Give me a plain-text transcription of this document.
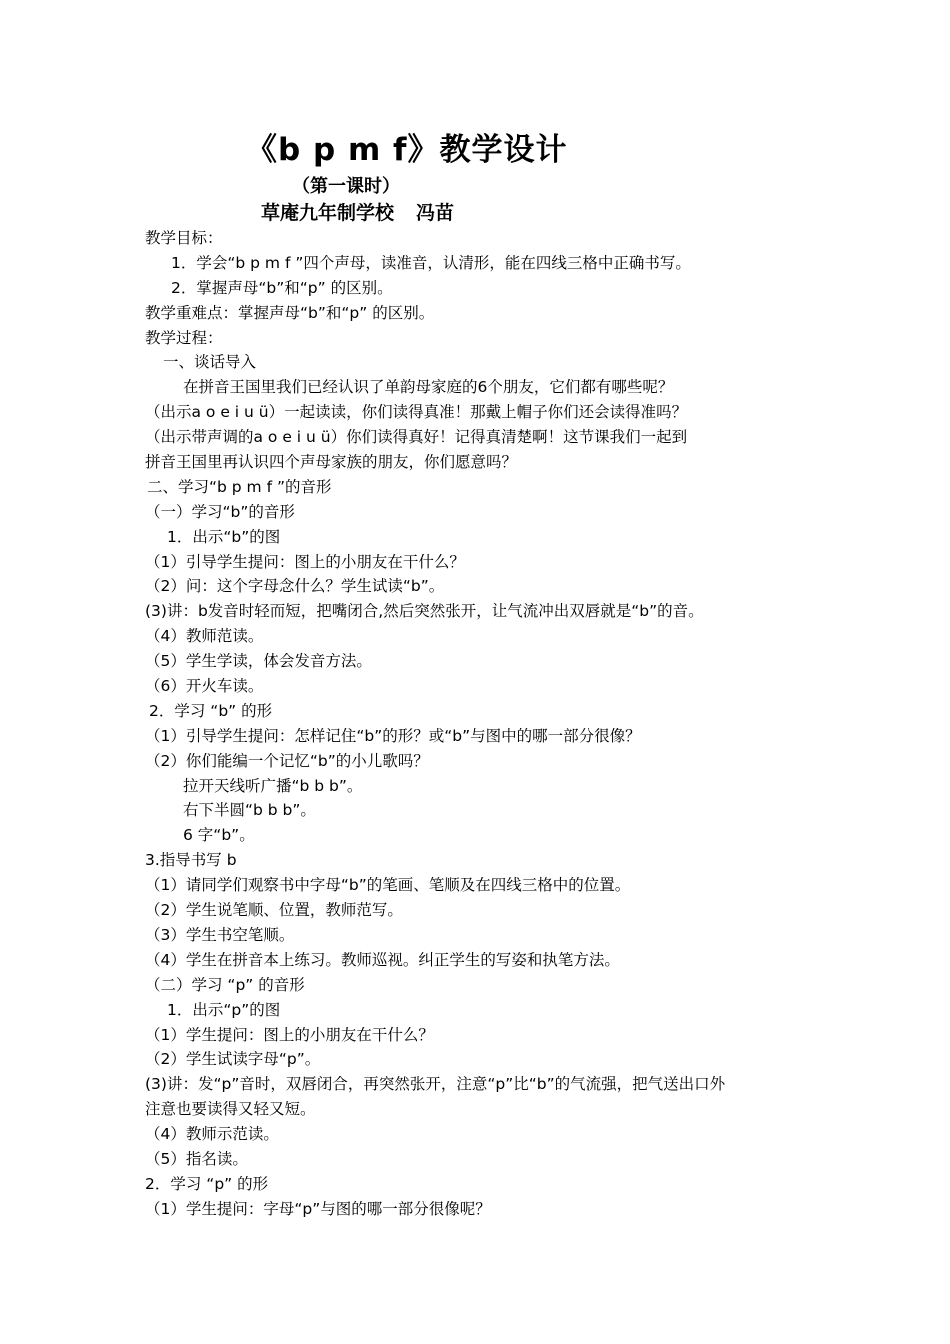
《b p m f》教学设计
（第一课时）
草庵九年制学校 冯苗
教学目标：
1．学会“b p m f ”四个声母，读准音，认清形，能在四线三格中正确书写。
2．掌握声母“b”和“p” 的区别。
教学重难点：掌握声母“b”和“p” 的区别。
教学过程：
一、谈话导入
在拼音王国里我们已经认识了单韵母家庭的6个朋友，它们都有哪些呢？
（出示a o e i u ü）一起读读，你们读得真准！那戴上帽子你们还会读得准吗？
（出示带声调的a o e i u ü）你们读得真好！记得真清楚啊！这节课我们一起到
拼音王国里再认识四个声母家族的朋友，你们愿意吗？
二、学习“b p m f ”的音形
（一）学习“b”的音形
1．出示“b”的图
（1）引导学生提问：图上的小朋友在干什么？
（2）问：这个字母念什么？学生试读“b”。
(3)讲：b发音时轻而短，把嘴闭合,然后突然张开，让气流冲出双唇就是“b”的音。
（4）教师范读。
（5）学生学读，体会发音方法。
（6）开火车读。
2．学习 “b” 的形
（1）引导学生提问：怎样记住“b”的形？或“b”与图中的哪一部分很像？
（2）你们能编一个记忆“b”的小儿歌吗？
拉开天线听广播“b b b”。
右下半圆“b b b”。
6 字“b”。
3.指导书写 b
（1）请同学们观察书中字母“b”的笔画、笔顺及在四线三格中的位置。
（2）学生说笔顺、位置，教师范写。
（3）学生书空笔顺。
（4）学生在拼音本上练习。教师巡视。纠正学生的写姿和执笔方法。
（二）学习 “p” 的音形
1．出示“p”的图
（1）学生提问：图上的小朋友在干什么？
（2）学生试读字母“p”。
(3)讲：发“p”音时，双唇闭合，再突然张开，注意“p”比“b”的气流强，把气送出口外
注意也要读得又轻又短。
（4）教师示范读。
（5）指名读。
2．学习 “p” 的形
（1）学生提问：字母“p”与图的哪一部分很像呢？
